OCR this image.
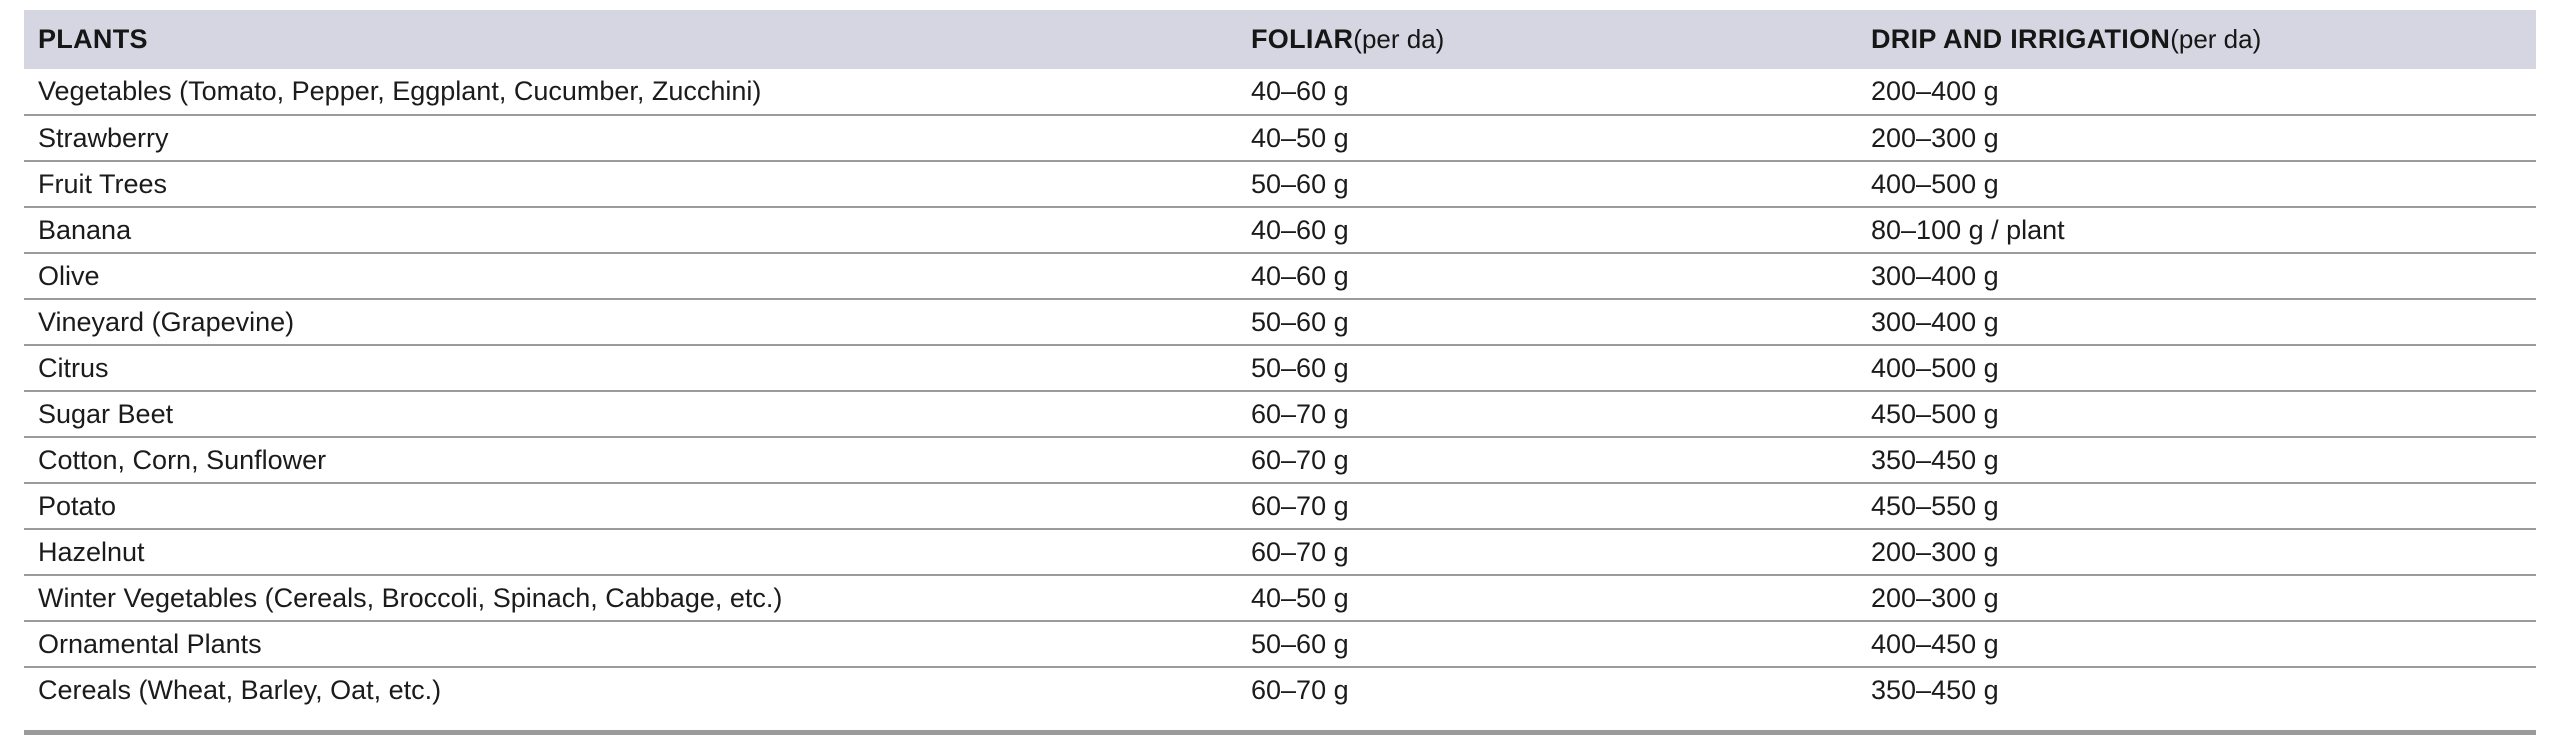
PLANTS	FOLIAR(per da)	DRIP AND IRRIGATION(per da)
Vegetables (Tomato, Pepper, Eggplant, Cucumber, Zucchini)	40–60 g	200–400 g
Strawberry	40–50 g	200–300 g
Fruit Trees	50–60 g	400–500 g
Banana	40–60 g	80–100 g / plant
Olive	40–60 g	300–400 g
Vineyard (Grapevine)	50–60 g	300–400 g
Citrus	50–60 g	400–500 g
Sugar Beet	60–70 g	450–500 g
Cotton, Corn, Sunflower	60–70 g	350–450 g
Potato	60–70 g	450–550 g
Hazelnut	60–70 g	200–300 g
Winter Vegetables (Cereals, Broccoli, Spinach, Cabbage, etc.)	40–50 g	200–300 g
Ornamental Plants	50–60 g	400–450 g
Cereals (Wheat, Barley, Oat, etc.)	60–70 g	350–450 g
